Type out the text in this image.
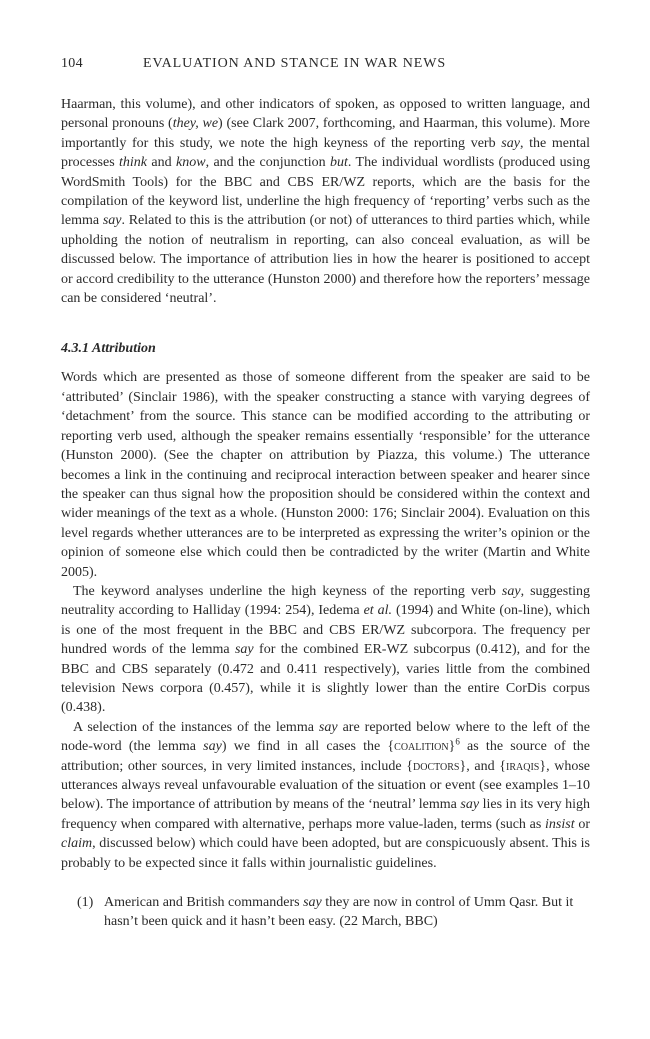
104	EVALUATION AND STANCE IN WAR NEWS

Haarman, this volume), and other indicators of spoken, as opposed to written language, and personal pronouns (they, we) (see Clark 2007, forthcoming, and Haarman, this volume). More importantly for this study, we note the high keyness of the reporting verb say, the mental processes think and know, and the conjunction but. The individual wordlists (produced using WordSmith Tools) for the BBC and CBS ER/WZ reports, which are the basis for the compilation of the keyword list, underline the high frequency of ‘reporting’ verbs such as the lemma say. Related to this is the attribution (or not) of utterances to third parties which, while upholding the notion of neutralism in reporting, can also conceal evaluation, as will be discussed below. The importance of attribution lies in how the hearer is positioned to accept or accord credibility to the utterance (Hunston 2000) and therefore how the reporters’ message can be considered ‘neutral’.

4.3.1 Attribution

Words which are presented as those of someone different from the speaker are said to be ‘attributed’ (Sinclair 1986), with the speaker constructing a stance with varying degrees of ‘detachment’ from the source. This stance can be modified according to the attributing or reporting verb used, although the speaker remains essentially ‘responsible’ for the utterance (Hunston 2000). (See the chapter on attribution by Piazza, this volume.) The utterance becomes a link in the continuing and reciprocal interaction between speaker and hearer since the speaker can thus signal how the proposition should be considered within the context and wider meanings of the text as a whole. (Hunston 2000: 176; Sinclair 2004). Evaluation on this level regards whether utterances are to be interpreted as expressing the writer’s opinion or the opinion of someone else which could then be contradicted by the writer (Martin and White 2005).

The keyword analyses underline the high keyness of the reporting verb say, suggesting neutrality according to Halliday (1994: 254), Iedema et al. (1994) and White (on-line), which is one of the most frequent in the BBC and CBS ER/WZ subcorpora. The frequency per hundred words of the lemma say for the combined ER-WZ subcorpus (0.412), and for the BBC and CBS separately (0.472 and 0.411 respectively), varies little from the combined television News corpora (0.457), while it is slightly lower than the entire CorDis corpus (0.438).

A selection of the instances of the lemma say are reported below where to the left of the node-word (the lemma say) we find in all cases the {coalition}$^6$ as the source of the attribution; other sources, in very limited instances, include {doctors}, and {iraqis}, whose utterances always reveal unfavourable evaluation of the situation or event (see examples 1–10 below). The importance of attribution by means of the ‘neutral’ lemma say lies in its very high frequency when compared with alternative, perhaps more value-laden, terms (such as insist or claim, discussed below) which could have been adopted, but are conspicuously absent. This is probably to be expected since it falls within journalistic guidelines.

(1) American and British commanders say they are now in control of Umm Qasr. But it hasn’t been quick and it hasn’t been easy. (22 March, BBC)
